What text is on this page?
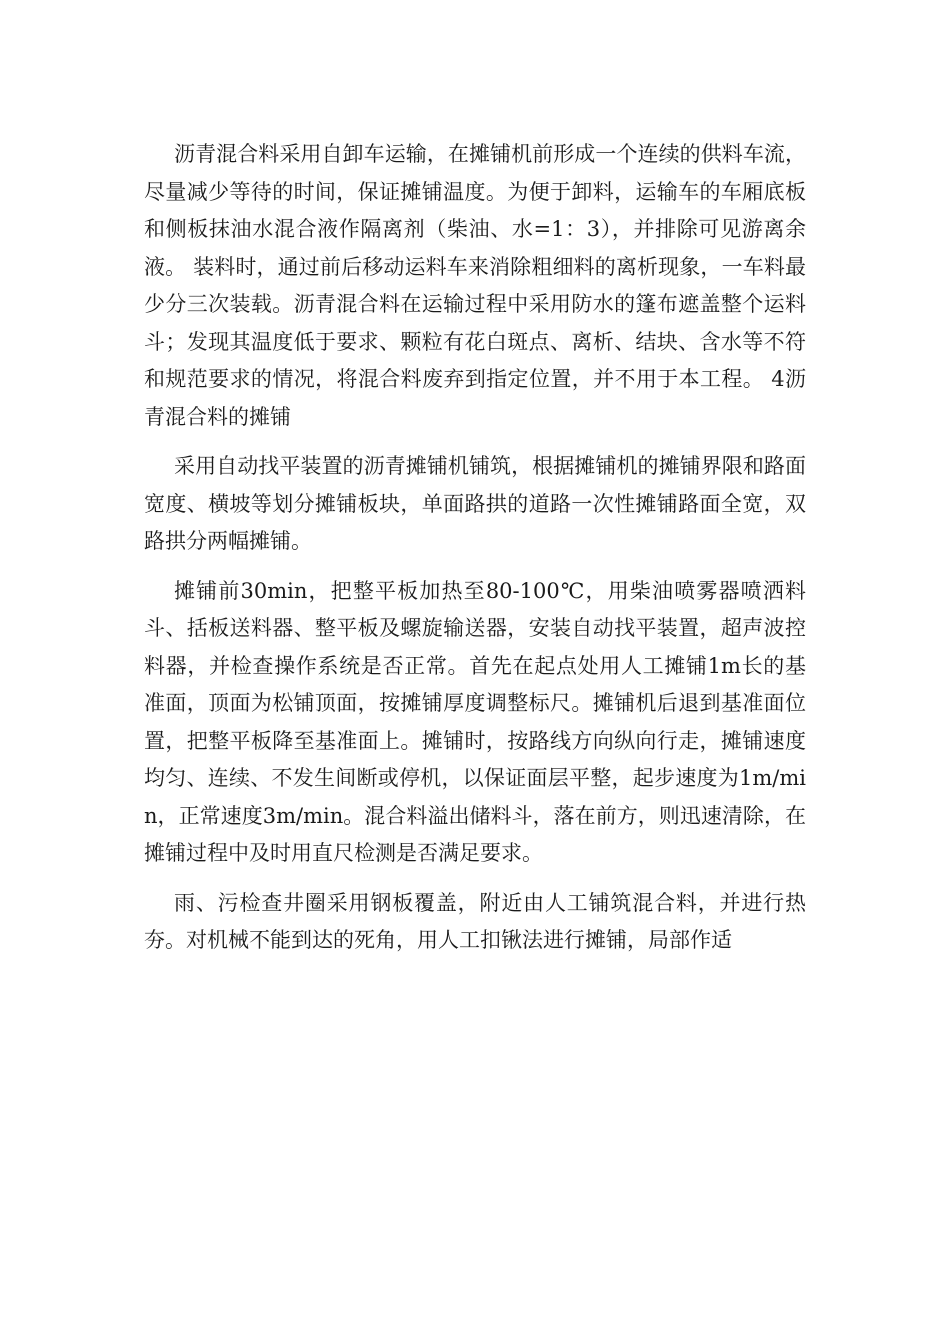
沥青混合料采用自卸车运输，在摊铺机前形成一个连续的供料车流，尽量减少等待的时间，保证摊铺温度。为便于卸料，运输车的车厢底板和侧板抹油水混合液作隔离剂（柴油、水=1：3），并排除可见游离余液。 装料时，通过前后移动运料车来消除粗细料的离析现象，一车料最少分三次装载。沥青混合料在运输过程中采用防水的篷布遮盖整个运料斗；发现其温度低于要求、颗粒有花白斑点、离析、结块、含水等不符和规范要求的情况，将混合料废弃到指定位置，并不用于本工程。 4沥青混合料的摊铺

采用自动找平装置的沥青摊铺机铺筑，根据摊铺机的摊铺界限和路面宽度、横坡等划分摊铺板块，单面路拱的道路一次性摊铺路面全宽，双路拱分两幅摊铺。

摊铺前30min，把整平板加热至80-100℃，用柴油喷雾器喷洒料斗、括板送料器、整平板及螺旋输送器，安装自动找平装置，超声波控料器，并检查操作系统是否正常。首先在起点处用人工摊铺1m长的基准面，顶面为松铺顶面，按摊铺厚度调整标尺。摊铺机后退到基准面位置，把整平板降至基准面上。摊铺时，按路线方向纵向行走，摊铺速度均匀、连续、不发生间断或停机，以保证面层平整，起步速度为1m/min，正常速度3m/min。混合料溢出储料斗，落在前方，则迅速清除，在摊铺过程中及时用直尺检测是否满足要求。

雨、污检查井圈采用钢板覆盖，附近由人工铺筑混合料，并进行热夯。对机械不能到达的死角，用人工扣锹法进行摊铺，局部作适
